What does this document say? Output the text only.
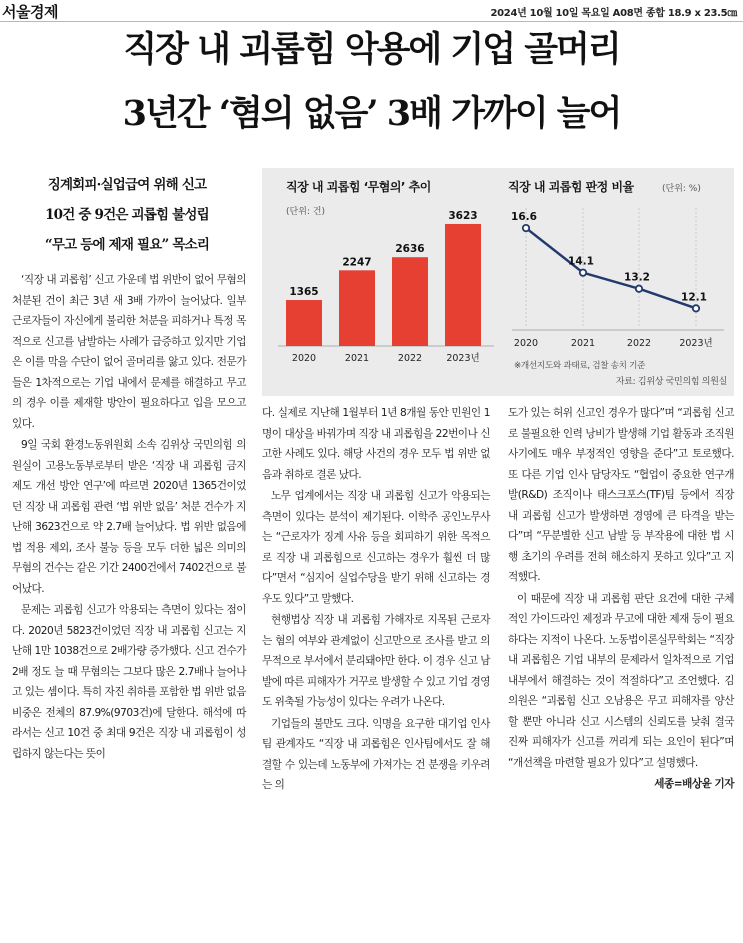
서울경제	2024년 10월 10일 목요일 A08면 종합 18.9 x 23.5㎝
직장 내 괴롭힘 악용에 기업 골머리
3년간 ‘혐의 없음’ 3배 가까이 늘어
징계회피·실업급여 위해 신고
10건 중 9건은 괴롭힘 불성립
“무고 등에 제재 필요” 목소리
직장 내 괴롭힘 ‘무혐의’ 추이
(단위: 건)
직장 내 괴롭힘 판정 비율	(단위: %)
※개선지도와 과태료, 검찰 송치 기준
자료: 김위상 국민의힘 의원실
1365
2020
2247
2021
2636
2022
3623
2023년
16.6
2020
14.1
2021
13.2
2022
12.1
2023년

‘직장 내 괴롭힘’ 신고 가운데 법 위반이 없어 무혐의 처분된 건이 최근 3년 새 3배 가까이 늘어났다. 일부 근로자들이 자신에게 불리한 처분을 피하거나 특정 목적으로 신고를 남발하는 사례가 급증하고 있지만 기업은 이를 막을 수단이 없어 골머리를 앓고 있다. 전문가들은 1차적으로는 기업 내에서 문제를 해결하고 무고의 경우 이를 제재할 방안이 필요하다고 입을 모으고 있다.

9일 국회 환경노동위원회 소속 김위상 국민의힘 의원실이 고용노동부로부터 받은 ‘직장 내 괴롭힘 금지 제도 개선 방안 연구’에 따르면 2020년 1365건이었던 직장 내 괴롭힘 관련 ‘법 위반 없음’ 처분 건수가 지난해 3623건으로 약 2.7배 늘어났다. 법 위반 없음에 법 적용 제외, 조사 불능 등을 모두 더한 넓은 의미의 무혐의 건수는 같은 기간 2400건에서 7402건으로 불어났다.

문제는 괴롭힘 신고가 악용되는 측면이 있다는 점이다. 2020년 5823건이었던 직장 내 괴롭힘 신고는 지난해 1만 1038건으로 2배가량 증가했다. 신고 건수가 2배 정도 늘 때 무혐의는 그보다 많은 2.7배나 늘어나고 있는 셈이다. 특히 자진 취하를 포함한 법 위반 없음 비중은 전체의 87.9%(9703건)에 달한다. 해석에 따라서는 신고 10건 중 최대 9건은 직장 내 괴롭힘이 성립하지 않는다는 뜻이

다. 실제로 지난해 1월부터 1년 8개월 동안 민원인 1명이 대상을 바꿔가며 직장 내 괴롭힘을 22번이나 신고한 사례도 있다. 해당 사건의 경우 모두 법 위반 없음과 취하로 결론 났다.

노무 업계에서는 직장 내 괴롭힘 신고가 악용되는 측면이 있다는 분석이 제기된다. 이학주 공인노무사는 “근로자가 징계 사유 등을 회피하기 위한 목적으로 직장 내 괴롭힘으로 신고하는 경우가 훨씬 더 많다”면서 “심지어 실업수당을 받기 위해 신고하는 경우도 있다”고 말했다.

현행법상 직장 내 괴롭힘 가해자로 지목된 근로자는 혐의 여부와 관계없이 신고만으로 조사를 받고 의무적으로 부서에서 분리돼야만 한다. 이 경우 신고 남발에 따른 피해자가 거꾸로 발생할 수 있고 기업 경영도 위축될 가능성이 있다는 우려가 나온다.

기업들의 불만도 크다. 익명을 요구한 대기업 인사팀 관계자도 “직장 내 괴롭힘은 인사팀에서도 잘 해결할 수 있는데 노동부에 가져가는 건 분쟁을 키우려는 의

도가 있는 허위 신고인 경우가 많다”며 “괴롭힘 신고로 불필요한 인력 낭비가 발생해 기업 활동과 조직원 사기에도 매우 부정적인 영향을 준다”고 토로했다. 또 다른 기업 인사 담당자도 “협업이 중요한 연구개발(R&D) 조직이나 태스크포스(TF)팀 등에서 직장 내 괴롭힘 신고가 발생하면 경영에 큰 타격을 받는다”며 “무분별한 신고 남발 등 부작용에 대한 법 시행 초기의 우려를 전혀 해소하지 못하고 있다”고 지적했다.

이 때문에 직장 내 괴롭힘 판단 요건에 대한 구체적인 가이드라인 제정과 무고에 대한 제재 등이 필요하다는 지적이 나온다. 노동법이론실무학회는 “직장 내 괴롭힘은 기업 내부의 문제라서 일차적으로 기업 내부에서 해결하는 것이 적절하다”고 조언했다. 김 의원은 “괴롭힘 신고 오남용은 무고 피해자를 양산할 뿐만 아니라 신고 시스템의 신뢰도를 낮춰 결국 진짜 피해자가 신고를 꺼리게 되는 요인이 된다”며 “개선책을 마련할 필요가 있다”고 설명했다.

세종=배상윤 기자
